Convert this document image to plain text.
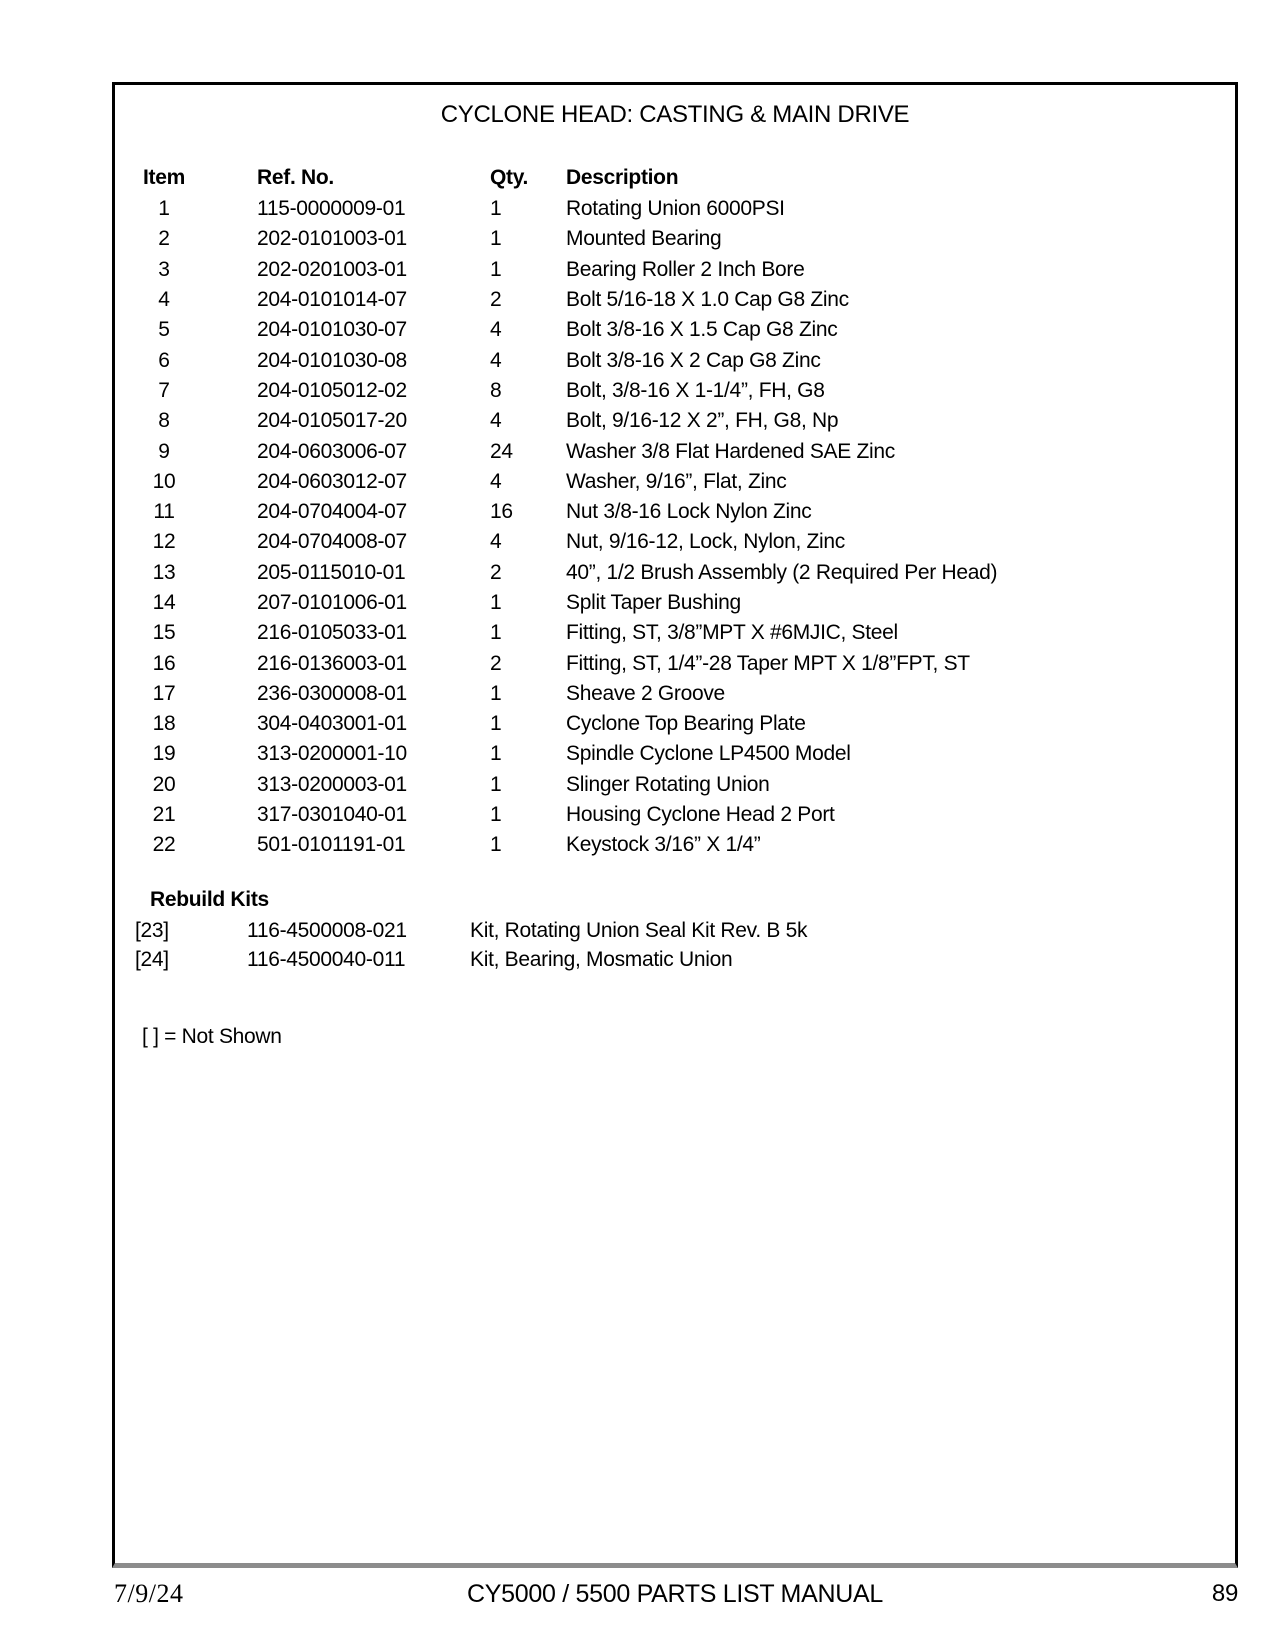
CYCLONE HEAD: CASTING & MAIN DRIVE
Item	Ref. No.	Qty.	Description
1	115-0000009-01	1	Rotating Union 6000PSI
2	202-0101003-01	1	Mounted Bearing
3	202-0201003-01	1	Bearing Roller 2 Inch Bore
4	204-0101014-07	2	Bolt 5/16-18 X 1.0 Cap G8 Zinc
5	204-0101030-07	4	Bolt 3/8-16 X 1.5 Cap G8 Zinc
6	204-0101030-08	4	Bolt 3/8-16 X 2 Cap G8 Zinc
7	204-0105012-02	8	Bolt, 3/8-16 X 1-1/4”, FH, G8
8	204-0105017-20	4	Bolt, 9/16-12 X 2”, FH, G8, Np
9	204-0603006-07	24	Washer 3/8 Flat Hardened SAE Zinc
10	204-0603012-07	4	Washer, 9/16”, Flat, Zinc
11	204-0704004-07	16	Nut 3/8-16 Lock Nylon Zinc
12	204-0704008-07	4	Nut, 9/16-12, Lock, Nylon, Zinc
13	205-0115010-01	2	40”, 1/2 Brush Assembly (2 Required Per Head)
14	207-0101006-01	1	Split Taper Bushing
15	216-0105033-01	1	Fitting, ST, 3/8”MPT X #6MJIC, Steel
16	216-0136003-01	2	Fitting, ST, 1/4”-28 Taper MPT X 1/8”FPT, ST
17	236-0300008-01	1	Sheave 2 Groove
18	304-0403001-01	1	Cyclone Top Bearing Plate
19	313-0200001-10	1	Spindle Cyclone LP4500 Model
20	313-0200003-01	1	Slinger Rotating Union
21	317-0301040-01	1	Housing Cyclone Head 2 Port
22	501-0101191-01	1	Keystock 3/16” X 1/4”
Rebuild Kits
[23]	116-4500008-021	Kit, Rotating Union Seal Kit Rev. B 5k
[24]	116-4500040-011	Kit, Bearing, Mosmatic Union
[ ] = Not Shown
CY5000 / 5500 PARTS LIST MANUAL
7/9/24	89
